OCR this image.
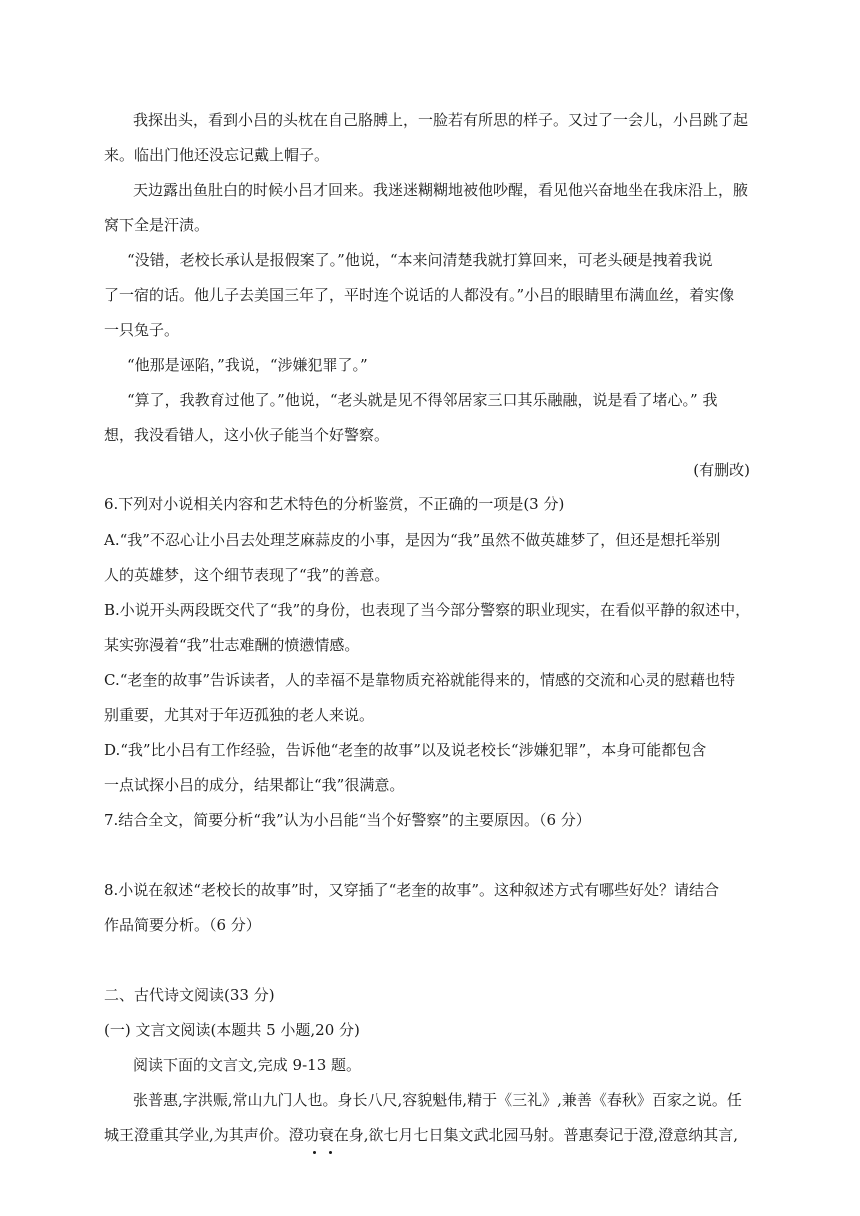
我探出头，看到小吕的头枕在自己胳膊上，一脸若有所思的样子。又过了一会儿，小吕跳了起
来。临出门他还没忘记戴上帽子。
天边露出鱼肚白的时候小吕才回来。我迷迷糊糊地被他吵醒，看见他兴奋地坐在我床沿上，腋
窝下全是汗渍。
“没错，老校长承认是报假案了。”他说，“本来问清楚我就打算回来，可老头硬是拽着我说
了一宿的话。他儿子去美国三年了，平时连个说话的人都没有。”小吕的眼睛里布满血丝，着实像
一只兔子。
“他那是诬陷，”我说，“涉嫌犯罪了。”
“算了，我教育过他了。”他说，“老头就是见不得邻居家三口其乐融融，说是看了堵心。” 我
想，我没看错人，这小伙子能当个好警察。
(有删改)
6.下列对小说相关内容和艺术特色的分析鉴赏，不正确的一项是(3 分)
A.“我”不忍心让小吕去处理芝麻蒜皮的小事，是因为“我”虽然不做英雄梦了，但还是想托举别
人的英雄梦，这个细节表现了“我”的善意。
B.小说开头两段既交代了“我”的身份，也表现了当今部分警察的职业现实，在看似平静的叙述中，
某实弥漫着“我”壮志难酬的愤懑情感。
C.“老奎的故事”告诉读者，人的幸福不是靠物质充裕就能得来的，情感的交流和心灵的慰藉也特
别重要，尤其对于年迈孤独的老人来说。
D.“我”比小吕有工作经验，告诉他“老奎的故事”以及说老校长“涉嫌犯罪”，本身可能都包含
一点试探小吕的成分，结果都让“我”很满意。
7.结合全文，简要分析“我”认为小吕能“当个好警察”的主要原因。（6 分）
8.小说在叙述“老校长的故事”时，又穿插了“老奎的故事”。这种叙述方式有哪些好处？请结合
作品简要分析。（6 分）
二、古代诗文阅读(33 分)
(一) 文言文阅读(本题共 5 小题,20 分)
阅读下面的文言文,完成 9-13 题。
张普惠,字洪赈,常山九门人也。身长八尺,容貌魁伟,精于《三礼》,兼善《春秋》百家之说。任
城王澄重其学业,为其声价。澄功衰在身,欲七月七日集文武北园马射。普惠奏记于澄,澄意纳其言,
